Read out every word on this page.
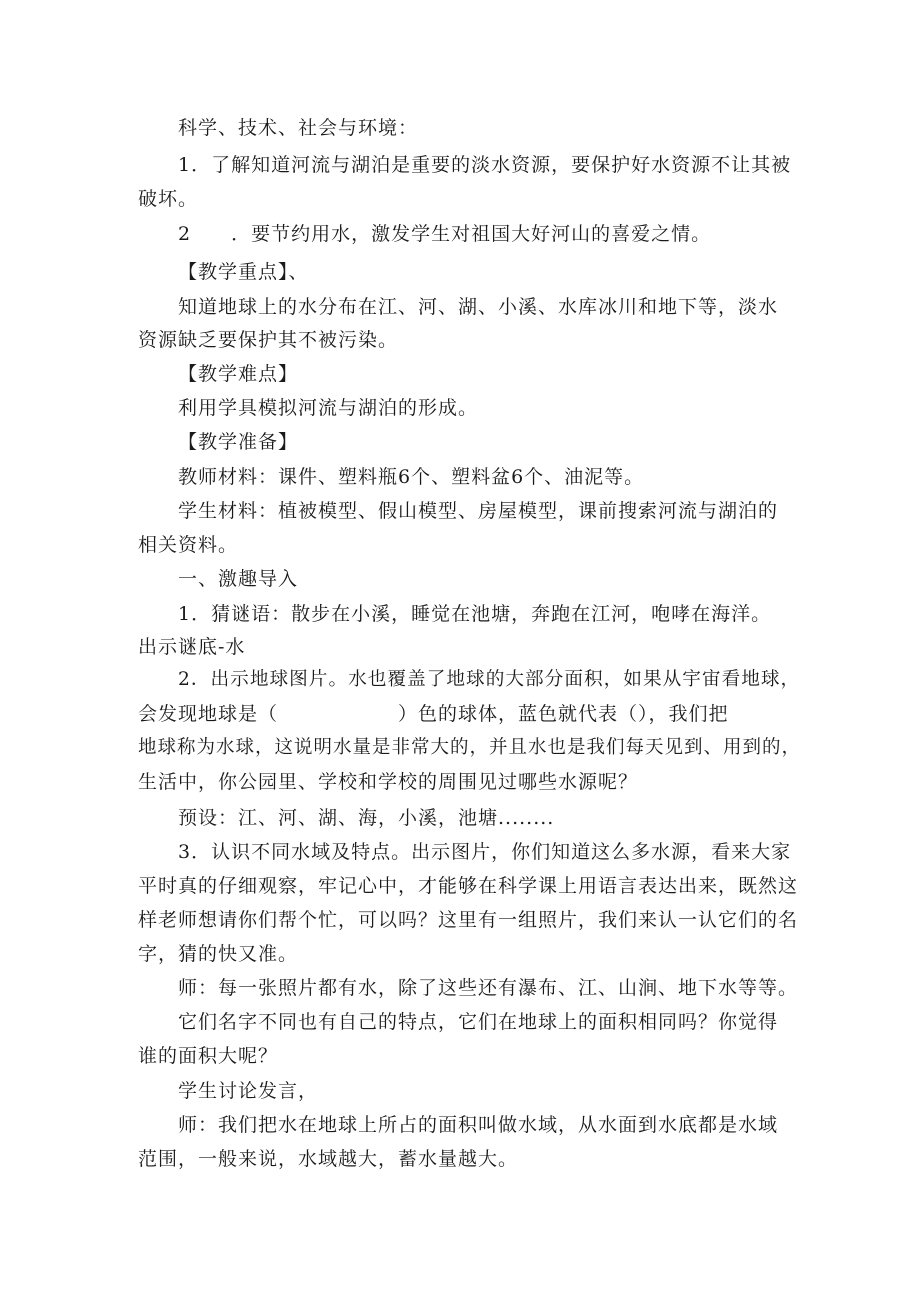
科学、技术、社会与环境：
1．了解知道河流与湖泊是重要的淡水资源，要保护好水资源不让其被
破坏。
2　　．要节约用水，激发学生对祖国大好河山的喜爱之情。
【教学重点】、
知道地球上的水分布在江、河、湖、小溪、水库冰川和地下等，淡水
资源缺乏要保护其不被污染。
【教学难点】
利用学具模拟河流与湖泊的形成。
【教学准备】
教师材料：课件、塑料瓶6个、塑料盆6个、油泥等。
学生材料：植被模型、假山模型、房屋模型，课前搜索河流与湖泊的
相关资料。
一、激趣导入
1．猜谜语：散步在小溪，睡觉在池塘，奔跑在江河，咆哮在海洋。
出示谜底-水
2．出示地球图片。水也覆盖了地球的大部分面积，如果从宇宙看地球，
会发现地球是（　　　　　　）色的球体，蓝色就代表（），我们把
地球称为水球，这说明水量是非常大的，并且水也是我们每天见到、用到的，
生活中，你公园里、学校和学校的周围见过哪些水源呢？
预设：江、河、湖、海，小溪，池塘........
3．认识不同水域及特点。出示图片，你们知道这么多水源，看来大家
平时真的仔细观察，牢记心中，才能够在科学课上用语言表达出来，既然这
样老师想请你们帮个忙，可以吗？这里有一组照片，我们来认一认它们的名
字，猜的快又准。
师：每一张照片都有水，除了这些还有瀑布、江、山涧、地下水等等。
它们名字不同也有自己的特点，它们在地球上的面积相同吗？你觉得
谁的面积大呢？
学生讨论发言，
师：我们把水在地球上所占的面积叫做水域，从水面到水底都是水域
范围，一般来说，水域越大，蓄水量越大。
